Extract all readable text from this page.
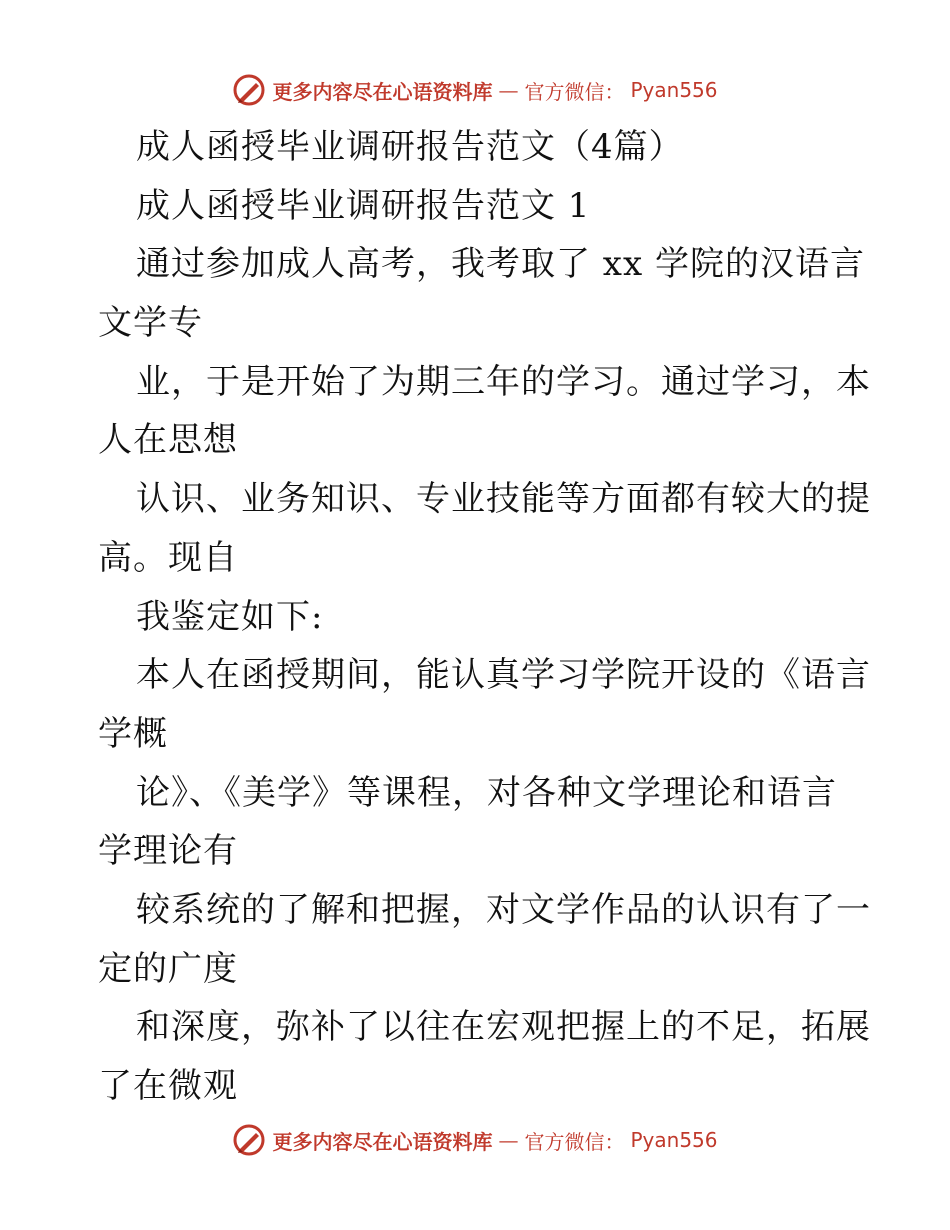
更多内容尽在心语资料库 — 官方微信： Pyan556
成人函授毕业调研报告范文（4篇）
成人函授毕业调研报告范文 1
通过参加成人高考，我考取了 xx 学院的汉语言
文学专
业，于是开始了为期三年的学习。通过学习，本
人在思想
认识、业务知识、专业技能等方面都有较大的提
高。现自
我鉴定如下:
本人在函授期间，能认真学习学院开设的《语言
学概
论》、《美学》等课程，对各种文学理论和语言
学理论有
较系统的了解和把握，对文学作品的认识有了一
定的广度
和深度，弥补了以往在宏观把握上的不足，拓展
了在微观
更多内容尽在心语资料库 — 官方微信： Pyan556
